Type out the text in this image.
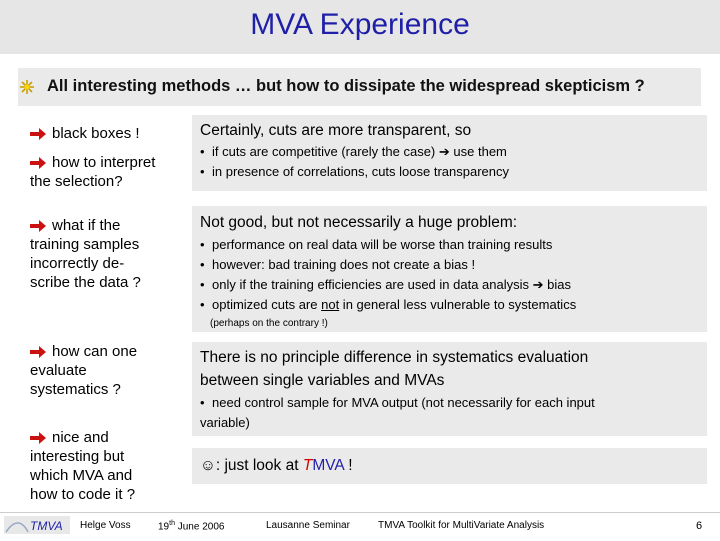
MVA Experience
All interesting methods … but how to dissipate the widespread skepticism ?
black boxes !
how to interpret
the selection?
what if the
training samples
incorrectly de-
scribe the data ?
how can one
evaluate
systematics ?
nice and
interesting but
which MVA and
how to code it ?
Certainly, cuts are more transparent, so
• if cuts are competitive (rarely the case) ➔ use them
• in presence of correlations, cuts loose transparency
Not good, but not necessarily a huge problem:
• performance on real data will be worse than training results
• however: bad training does not create a bias !
• only if the training efficiencies are used in data analysis ➔ bias
• optimized cuts are not in general less vulnerable to systematics
(perhaps on the contrary !)
There is no principle difference in systematics evaluation
between single variables and MVAs
• need control sample for MVA output (not necessarily for each input
variable)
☺: just look at TMVA !
TMVA Helge Voss	19th June 2006	Lausanne Seminar	TMVA Toolkit for MultiVariate Analysis	6
